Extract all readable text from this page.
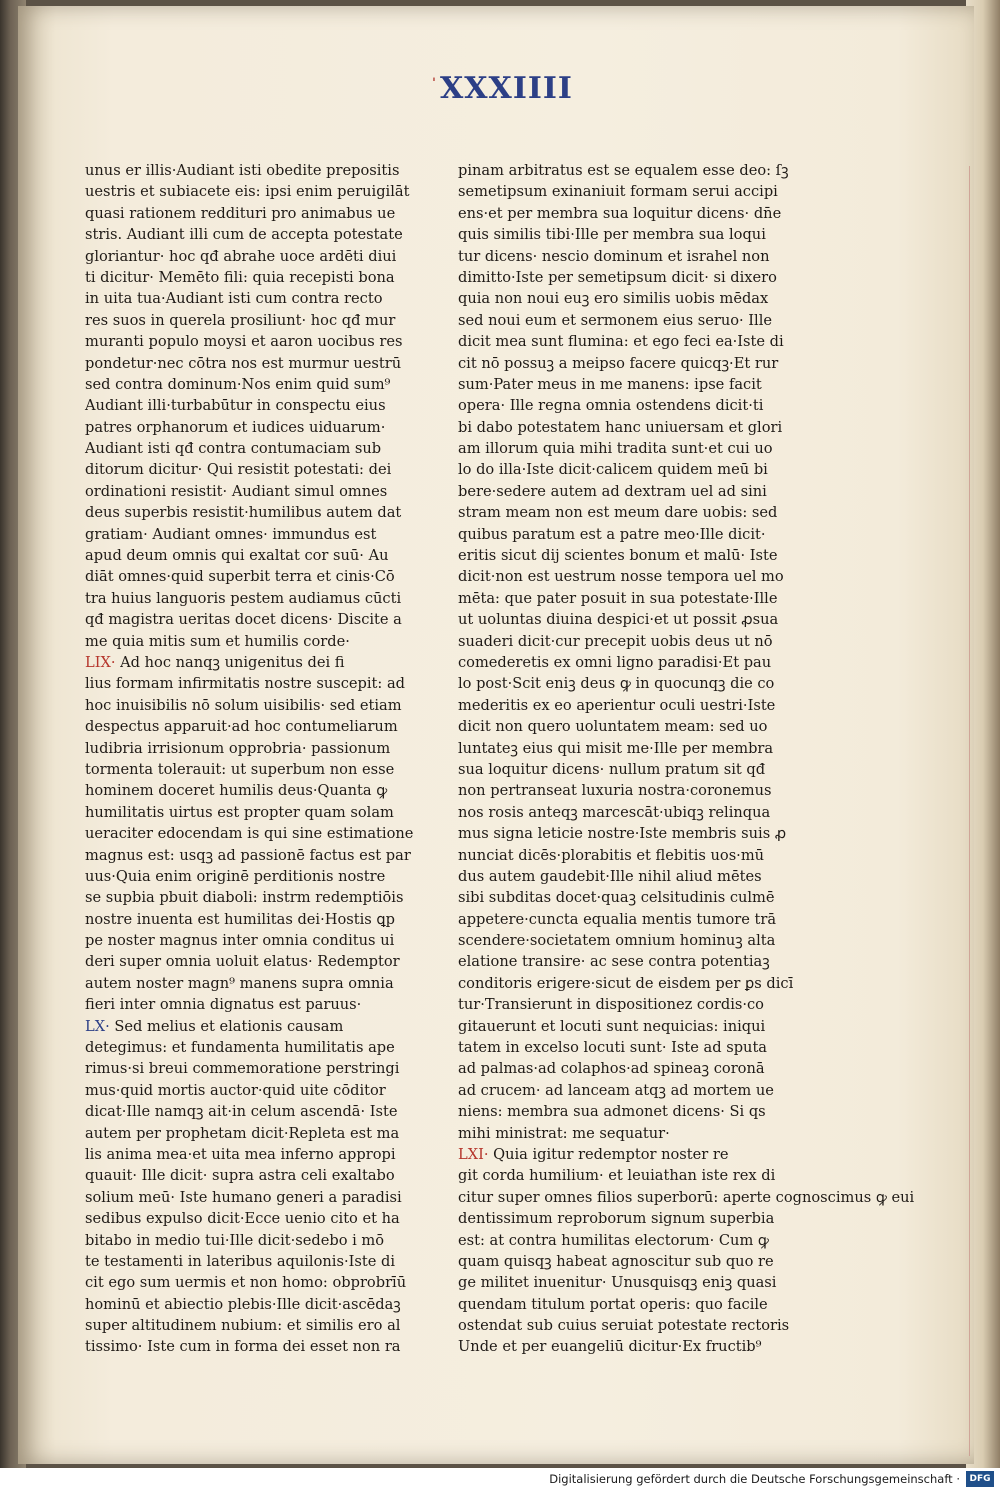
ˈ XXXIIII
unus er illis·Audiant isti obedite prepositis
uestris et subiacete eis: ipsi enim peruigilāt
quasi rationem reddituri pro animabus ue
stris. Audiant illi cum de accepta potestate
gloriantur· hoc qđ abrahe uoce ardēti diui
ti dicitur· Memēto fili: quia recepisti bona
in uita tua·Audiant isti cum contra recto
res suos in querela prosiliunt· hoc qđ mur
muranti populo moysi et aaron uocibus res
pondetur·nec cōtra nos est murmur uestrū
sed contra dominum·Nos enim quid sum⁹
Audiant illi·turbabūtur in conspectu eius
patres orphanorum et iudices uiduarum·
Audiant isti qđ contra contumaciam sub
ditorum dicitur· Qui resistit potestati: dei
ordinationi resistit· Audiant simul omnes
deus superbis resistit·humilibus autem dat
gratiam· Audiant omnes· immundus est
apud deum omnis qui exaltat cor suū· Au
diāt omnes·quid superbit terra et cinis·Cō
tra huius languoris pestem audiamus cūcti
qđ magistra ueritas docet dicens· Discite a
me quia mitis sum et humilis corde·
LIX· Ad hoc nanqꝫ unigenitus dei fi
lius formam infirmitatis nostre suscepit: ad
hoc inuisibilis nō solum uisibilis· sed etiam
despectus apparuit·ad hoc contumeliarum
ludibria irrisionum opprobria· passionum
tormenta tolerauit: ut superbum non esse
hominem doceret humilis deus·Quanta ꝙ
humilitatis uirtus est propter quam solam
ueraciter edocendam is qui sine estimatione
magnus est: usqꝫ ad passionē factus est par
uus·Quia enim originē perditionis nostre
se supbia pbuit diaboli: instrm redemptiōis
nostre inuenta est humilitas dei·Hostis ꝗp
pe noster magnus inter omnia conditus ui
deri super omnia uoluit elatus· Redemptor
autem noster magn⁹ manens supra omnia
fieri inter omnia dignatus est paruus·
LX· Sed melius et elationis causam
detegimus: et fundamenta humilitatis ape
rimus·si breui commemoratione perstringi
mus·quid mortis auctor·quid uite cōditor
dicat·Ille namqꝫ ait·in celum ascendā· Iste
autem per prophetam dicit·Repleta est ma
lis anima mea·et uita mea inferno appropi
quauit· Ille dicit· supra astra celi exaltabo
solium meū· Iste humano generi a paradisi
sedibus expulso dicit·Ecce uenio cito et ha
bitabo in medio tui·Ille dicit·sedebo i mō
te testamenti in lateribus aquilonis·Iste di
cit ego sum uermis et non homo: obprobrīū
hominū et abiectio plebis·Ille dicit·ascēdaꝫ
super altitudinem nubium: et similis ero al
tissimo· Iste cum in forma dei esset non ra
pinam arbitratus est se equalem esse deo: ſꝫ
semetipsum exinaniuit formam serui accipi
ens·et per membra sua loquitur dicens· dn̄e
quis similis tibi·Ille per membra sua loqui
tur dicens· nescio dominum et israhel non
dimitto·Iste per semetipsum dicit· si dixero
quia non noui euꝫ ero similis uobis mēdax
sed noui eum et sermonem eius seruo· Ille
dicit mea sunt flumina: et ego feci ea·Iste di
cit nō possuꝫ a meipso facere quicqꝫ·Et rur
sum·Pater meus in me manens: ipse facit
opera· Ille regna omnia ostendens dicit·ti
bi dabo potestatem hanc uniuersam et glori
am illorum quia mihi tradita sunt·et cui uo
lo do illa·Iste dicit·calicem quidem meū bi
bere·sedere autem ad dextram uel ad sini
stram meam non est meum dare uobis: sed
quibus paratum est a patre meo·Ille dicit·
eritis sicut dij scientes bonum et malū· Iste
dicit·non est uestrum nosse tempora uel mo
mēta: que pater posuit in sua potestate·Ille
ut uoluntas diuina despici·et ut possit ꝓsua
suaderi dicit·cur precepit uobis deus ut nō
comederetis ex omni ligno paradisi·Et pau
lo post·Scit eniꝫ deus ꝙ in quocunqꝫ die co
mederitis ex eo aperientur oculi uestri·Iste
dicit non quero uoluntatem meam: sed uo
luntateꝫ eius qui misit me·Ille per membra
sua loquitur dicens· nullum pratum sit qđ
non pertranseat luxuria nostra·coronemus
nos rosis anteqꝫ marcescāt·ubiqꝫ relinqua
mus signa leticie nostre·Iste membris suis ꝓ
nunciat dicēs·plorabitis et flebitis uos·mū
dus autem gaudebit·Ille nihil aliud mētes
sibi subditas docet·quaꝫ celsitudinis culmē
appetere·cuncta equalia mentis tumore trā
scendere·societatem omnium hominuꝫ alta
elatione transire· ac sese contra potentiaꝫ
conditoris erigere·sicut de eisdem per ꝑs dicī
tur·Transierunt in dispositionez cordis·co
gitauerunt et locuti sunt nequicias: iniqui
tatem in excelso locuti sunt· Iste ad sputa
ad palmas·ad colaphos·ad spineaꝫ coronā
ad crucem· ad lanceam atqꝫ ad mortem ue
niens: membra sua admonet dicens· Si qs
mihi ministrat: me sequatur·
LXI· Quia igitur redemptor noster re
git corda humilium· et leuiathan iste rex di
citur super omnes filios superborū: aperte cognoscimus ꝙ eui
dentissimum reproborum signum superbia
est: at contra humilitas electorum· Cum ꝙ
quam quisqꝫ habeat agnoscitur sub quo re
ge militet inuenitur· Unusquisqꝫ eniꝫ quasi
quendam titulum portat operis: quo facile
ostendat sub cuius seruiat potestate rectoris
Unde et per euangeliū dicitur·Ex fructib⁹
Digitalisierung gefördert durch die Deutsche Forschungsgemeinschaft ·	DFG
